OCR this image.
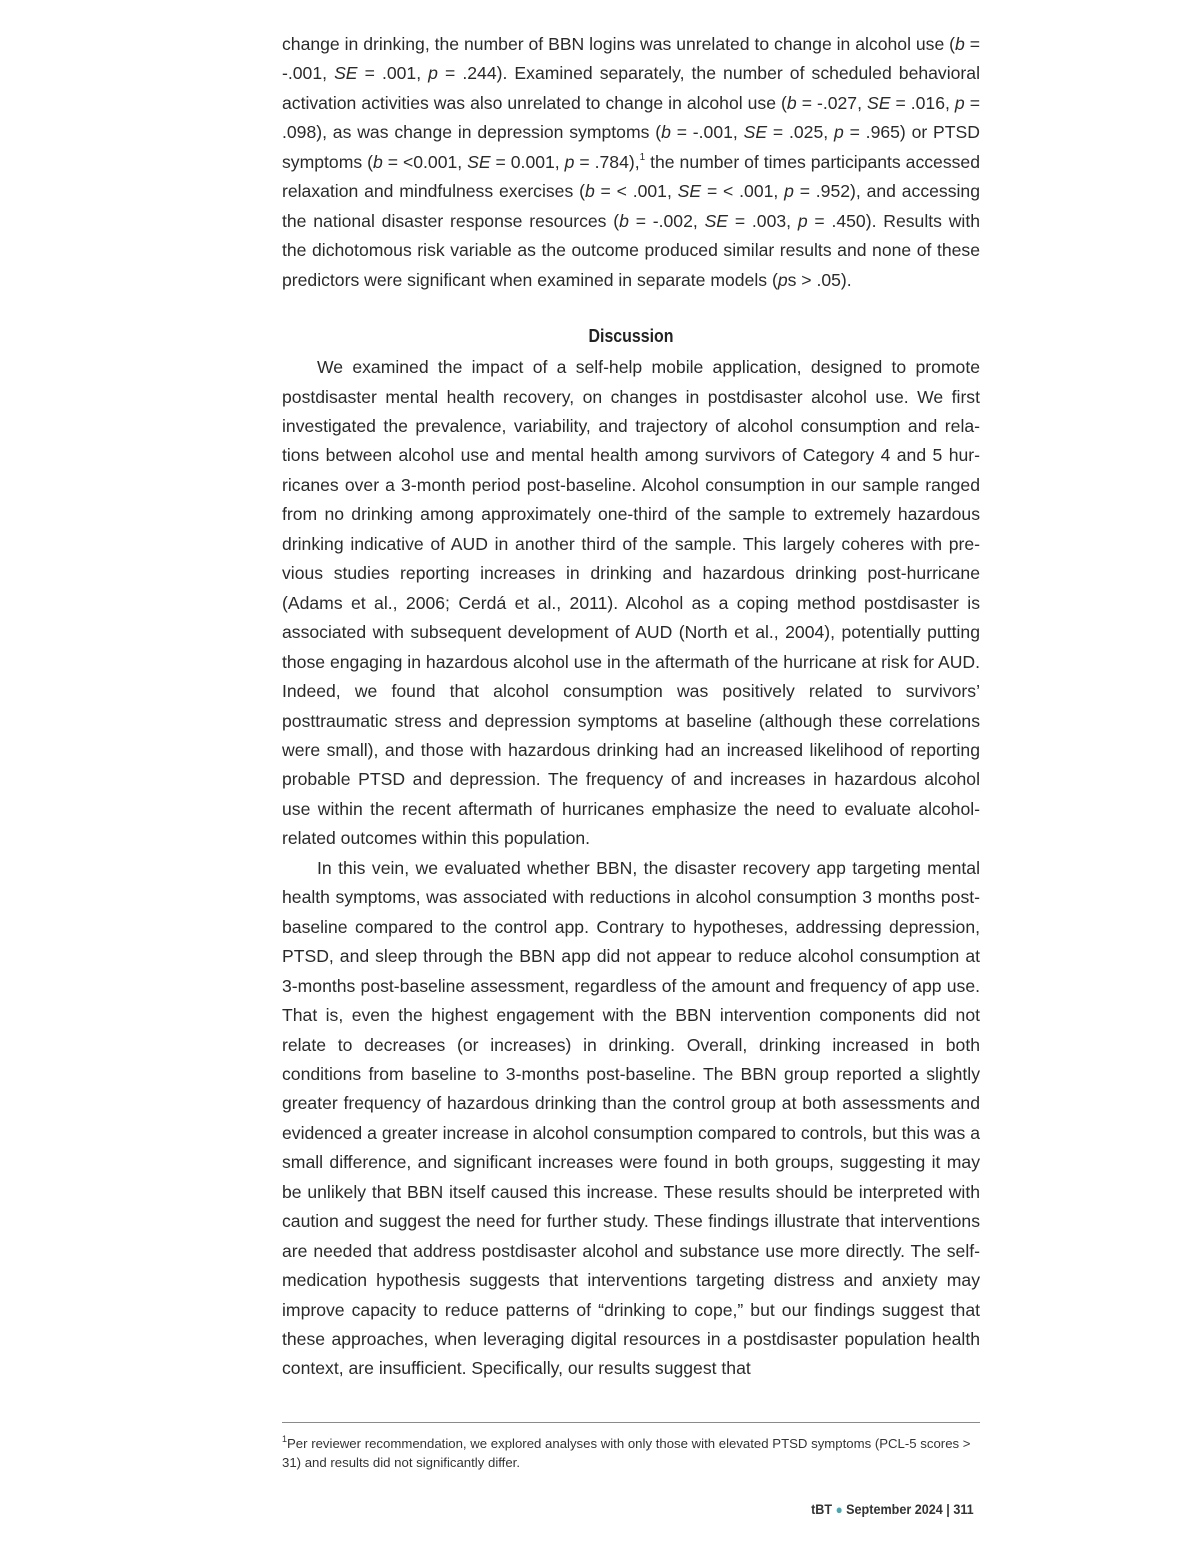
change in drinking, the number of BBN logins was unrelated to change in alcohol use (b = -.001, SE = .001, p = .244). Examined separately, the number of scheduled behavioral activation activities was also unrelated to change in alcohol use (b = -.027, SE = .016, p = .098), as was change in depression symptoms (b = -.001, SE = .025, p = .965) or PTSD symptoms (b = <0.001, SE = 0.001, p = .784),$^1$ the number of times participants accessed relaxation and mindfulness exercises (b = < .001, SE = < .001, p = .952), and accessing the national disaster response resources (b = -.002, SE = .003, p = .450). Results with the dichotomous risk variable as the outcome produced similar results and none of these predictors were significant when examined in separate models (ps > .05).

Discussion

We examined the impact of a self-help mobile application, designed to promote postdisaster mental health recovery, on changes in postdisaster alcohol use. We first investigated the prevalence, variability, and trajectory of alcohol consumption and relations between alcohol use and mental health among survivors of Category 4 and 5 hurricanes over a 3-month period post-baseline. Alcohol consumption in our sample ranged from no drinking among approximately one-third of the sample to extremely hazardous drinking indicative of AUD in another third of the sample. This largely coheres with previous studies reporting increases in drinking and hazardous drinking post-hurricane (Adams et al., 2006; Cerdá et al., 2011). Alcohol as a coping method postdisaster is associated with subsequent development of AUD (North et al., 2004), potentially putting those engaging in hazardous alcohol use in the aftermath of the hurricane at risk for AUD. Indeed, we found that alcohol consumption was positively related to survivors’ posttraumatic stress and depression symptoms at baseline (although these correlations were small), and those with hazardous drinking had an increased likelihood of reporting probable PTSD and depression. The frequency of and increases in hazardous alcohol use within the recent aftermath of hurricanes emphasize the need to evaluate alcohol-related outcomes within this population.

In this vein, we evaluated whether BBN, the disaster recovery app targeting mental health symptoms, was associated with reductions in alcohol consumption 3 months post-baseline compared to the control app. Contrary to hypotheses, addressing depression, PTSD, and sleep through the BBN app did not appear to reduce alcohol consumption at 3-months post-baseline assessment, regardless of the amount and frequency of app use. That is, even the highest engagement with the BBN intervention components did not relate to decreases (or increases) in drinking. Overall, drinking increased in both conditions from baseline to 3-months post-baseline. The BBN group reported a slightly greater frequency of hazardous drinking than the control group at both assessments and evidenced a greater increase in alcohol consumption compared to controls, but this was a small difference, and significant increases were found in both groups, suggesting it may be unlikely that BBN itself caused this increase. These results should be interpreted with caution and suggest the need for further study. These findings illustrate that interventions are needed that address postdisaster alcohol and substance use more directly. The self-medication hypothesis suggests that interventions targeting distress and anxiety may improve capacity to reduce patterns of “drinking to cope,” but our findings suggest that these approaches, when leveraging digital resources in a postdisaster population health context, are insufficient. Specifically, our results suggest that

$^1$Per reviewer recommendation, we explored analyses with only those with elevated PTSD symptoms (PCL-5 scores > 31) and results did not significantly differ.

tBT ● September 2024 | 311
